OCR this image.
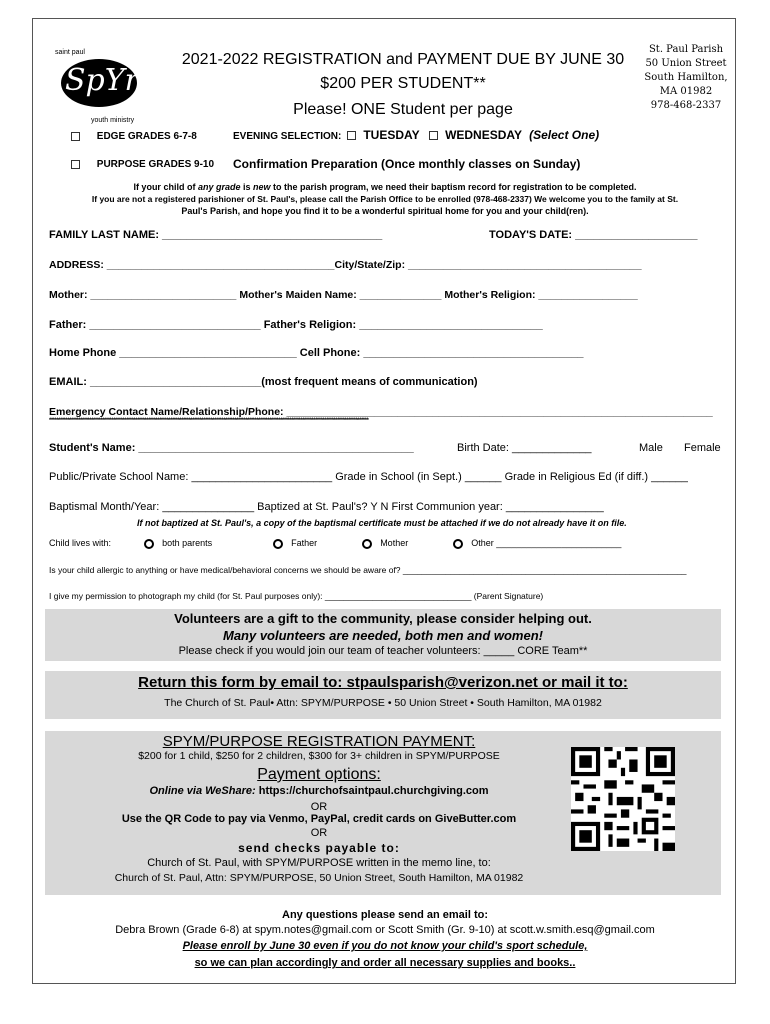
saint paul
SpYm
youth ministry
2021-2022 REGISTRATION and PAYMENT DUE BY JUNE 30
$200 PER STUDENT**
Please! ONE Student per page
St. Paul Parish
50 Union Street
South Hamilton,
MA 01982
978-468-2337
EDGE GRADES 6-7-8	EVENING SELECTION:	TUESDAY WEDNESDAY (Select One)
PURPOSE GRADES 9-10 Confirmation Preparation (Once monthly classes on Sunday)
If your child of any grade is new to the parish program, we need their baptism record for registration to be completed.
If you are not a registered parishioner of St. Paul's, please call the Parish Office to be enrolled (978-468-2337) We welcome you to the family at St.
Paul's Parish, and hope you find it to be a wonderful spiritual home for you and your child(ren).
FAMILY LAST NAME: ____________________________________	TODAY'S DATE: ____________________
ADDRESS: _______________________________________City/State/Zip: ________________________________________
Mother: _________________________ Mother's Maiden Name: ______________ Mother's Religion: _________________
Father: ____________________________ Father's Religion: ______________________________
Home Phone _____________________________ Cell Phone: ____________________________________
EMAIL: ____________________________(most frequent means of communication)
Emergency Contact Name/Relationship/Phone: _________________________________________________________________________
******************************************************************************************************************************************************************************
Student's Name: _____________________________________________	Birth Date: _____________	Male Female
Public/Private School Name: _______________________ Grade in School (in Sept.) ______ Grade in Religious Ed (if diff.) ______
Baptismal Month/Year: _______________ Baptized at St. Paul's? Y N First Communion year: ________________
If not baptized at St. Paul's, a copy of the baptismal certificate must be attached if we do not already have it on file.
Child lives with:	both parents	Father	Mother	Other _________________________
Is your child allergic to anything or have medical/behavioral concerns we should be aware of? ____________________________________________________________
I give my permission to photograph my child (for St. Paul purposes only): _______________________________ (Parent Signature)
Volunteers are a gift to the community, please consider helping out.
Many volunteers are needed, both men and women!
Please check if you would join our team of teacher volunteers: _____ CORE Team**
Return this form by email to: stpaulsparish@verizon.net or mail it to:
The Church of St. Paul• Attn: SPYM/PURPOSE • 50 Union Street • South Hamilton, MA 01982
SPYM/PURPOSE REGISTRATION PAYMENT:
$200 for 1 child, $250 for 2 children, $300 for 3+ children in SPYM/PURPOSE
Payment options:
Online via WeShare: https://churchofsaintpaul.churchgiving.com
OR
Use the QR Code to pay via Venmo, PayPal, credit cards on GiveButter.com
OR
send checks payable to:
Church of St. Paul, with SPYM/PURPOSE written in the memo line, to:
Church of St. Paul, Attn: SPYM/PURPOSE, 50 Union Street, South Hamilton, MA 01982
Any questions please send an email to:
Debra Brown (Grade 6-8) at spym.notes@gmail.com or Scott Smith (Gr. 9-10) at scott.w.smith.esq@gmail.com
Please enroll by June 30 even if you do not know your child's sport schedule,
so we can plan accordingly and order all necessary supplies and books..
